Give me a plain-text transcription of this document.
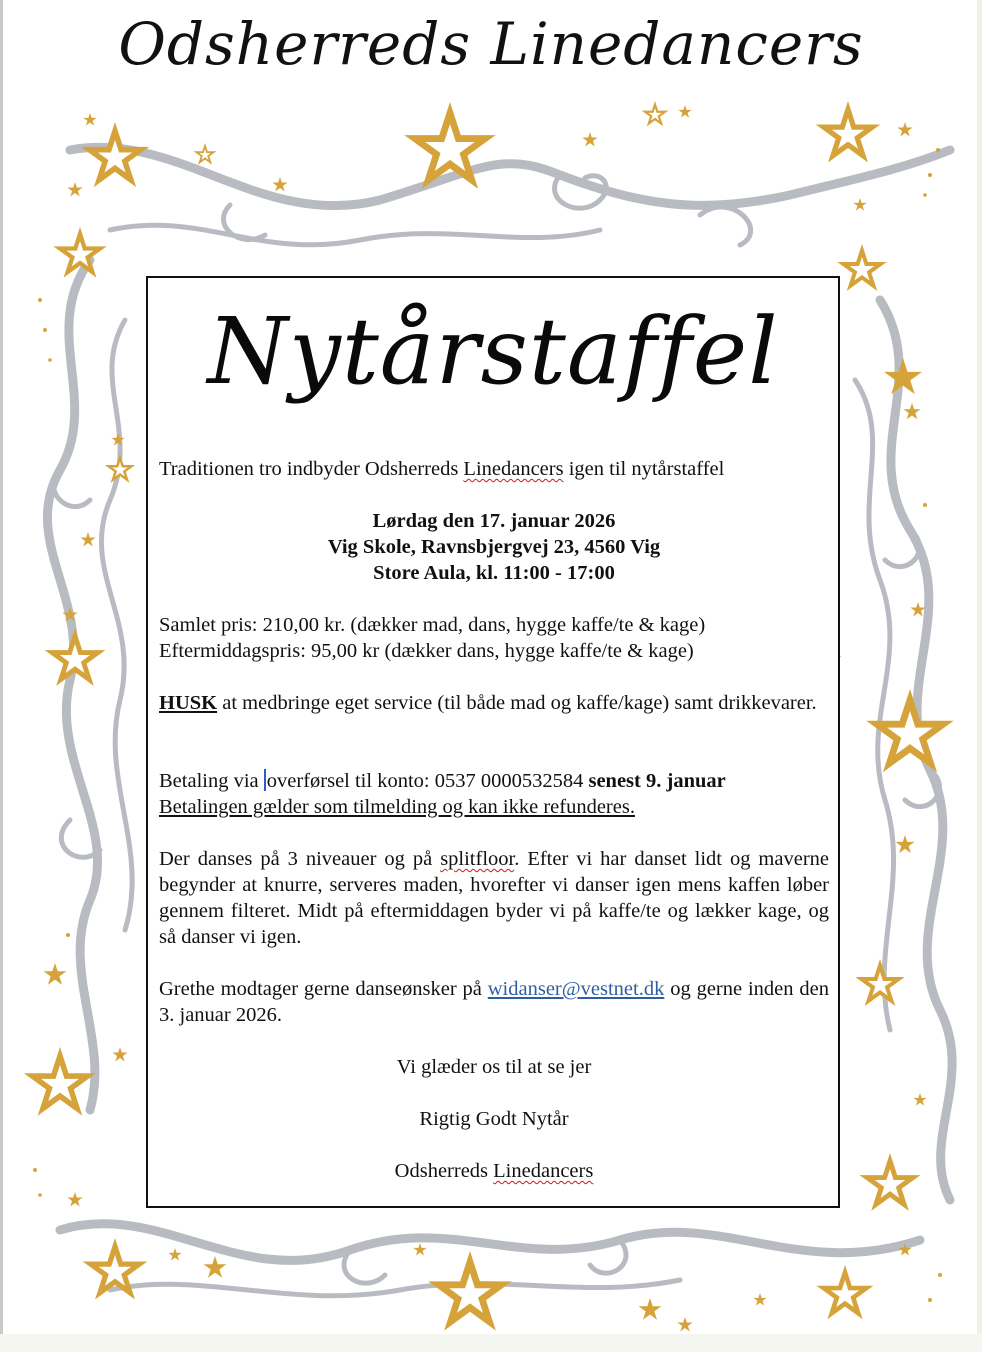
Odsherreds Linedancers
Nytårstaffel
Traditionen tro indbyder Odsherreds Linedancers igen til nytårstaffel
Lørdag den 17. januar 2026
Vig Skole, Ravnsbjergvej 23, 4560 Vig
Store Aula, kl. 11:00 - 17:00
Samlet pris: 210,00 kr. (dækker mad, dans, hygge kaffe/te & kage)
Eftermiddagspris: 95,00 kr (dækker dans, hygge kaffe/te & kage)
HUSK at medbringe eget service (til både mad og kaffe/kage) samt drikkevarer.
Betaling via overførsel til konto: 0537 0000532584 senest 9. januar
Betalingen gælder som tilmelding og kan ikke refunderes.
Der danses på 3 niveauer og på splitfloor. Efter vi har danset lidt og maverne begynder at knurre, serveres maden, hvorefter vi danser igen mens kaffen løber gennem filteret. Midt på eftermiddagen byder vi på kaffe/te og lækker kage, og så danser vi igen.
Grethe modtager gerne danseønsker på widanser@vestnet.dk og gerne inden den 3. januar 2026.
Vi glæder os til at se jer
Rigtig Godt Nytår
Odsherreds Linedancers
